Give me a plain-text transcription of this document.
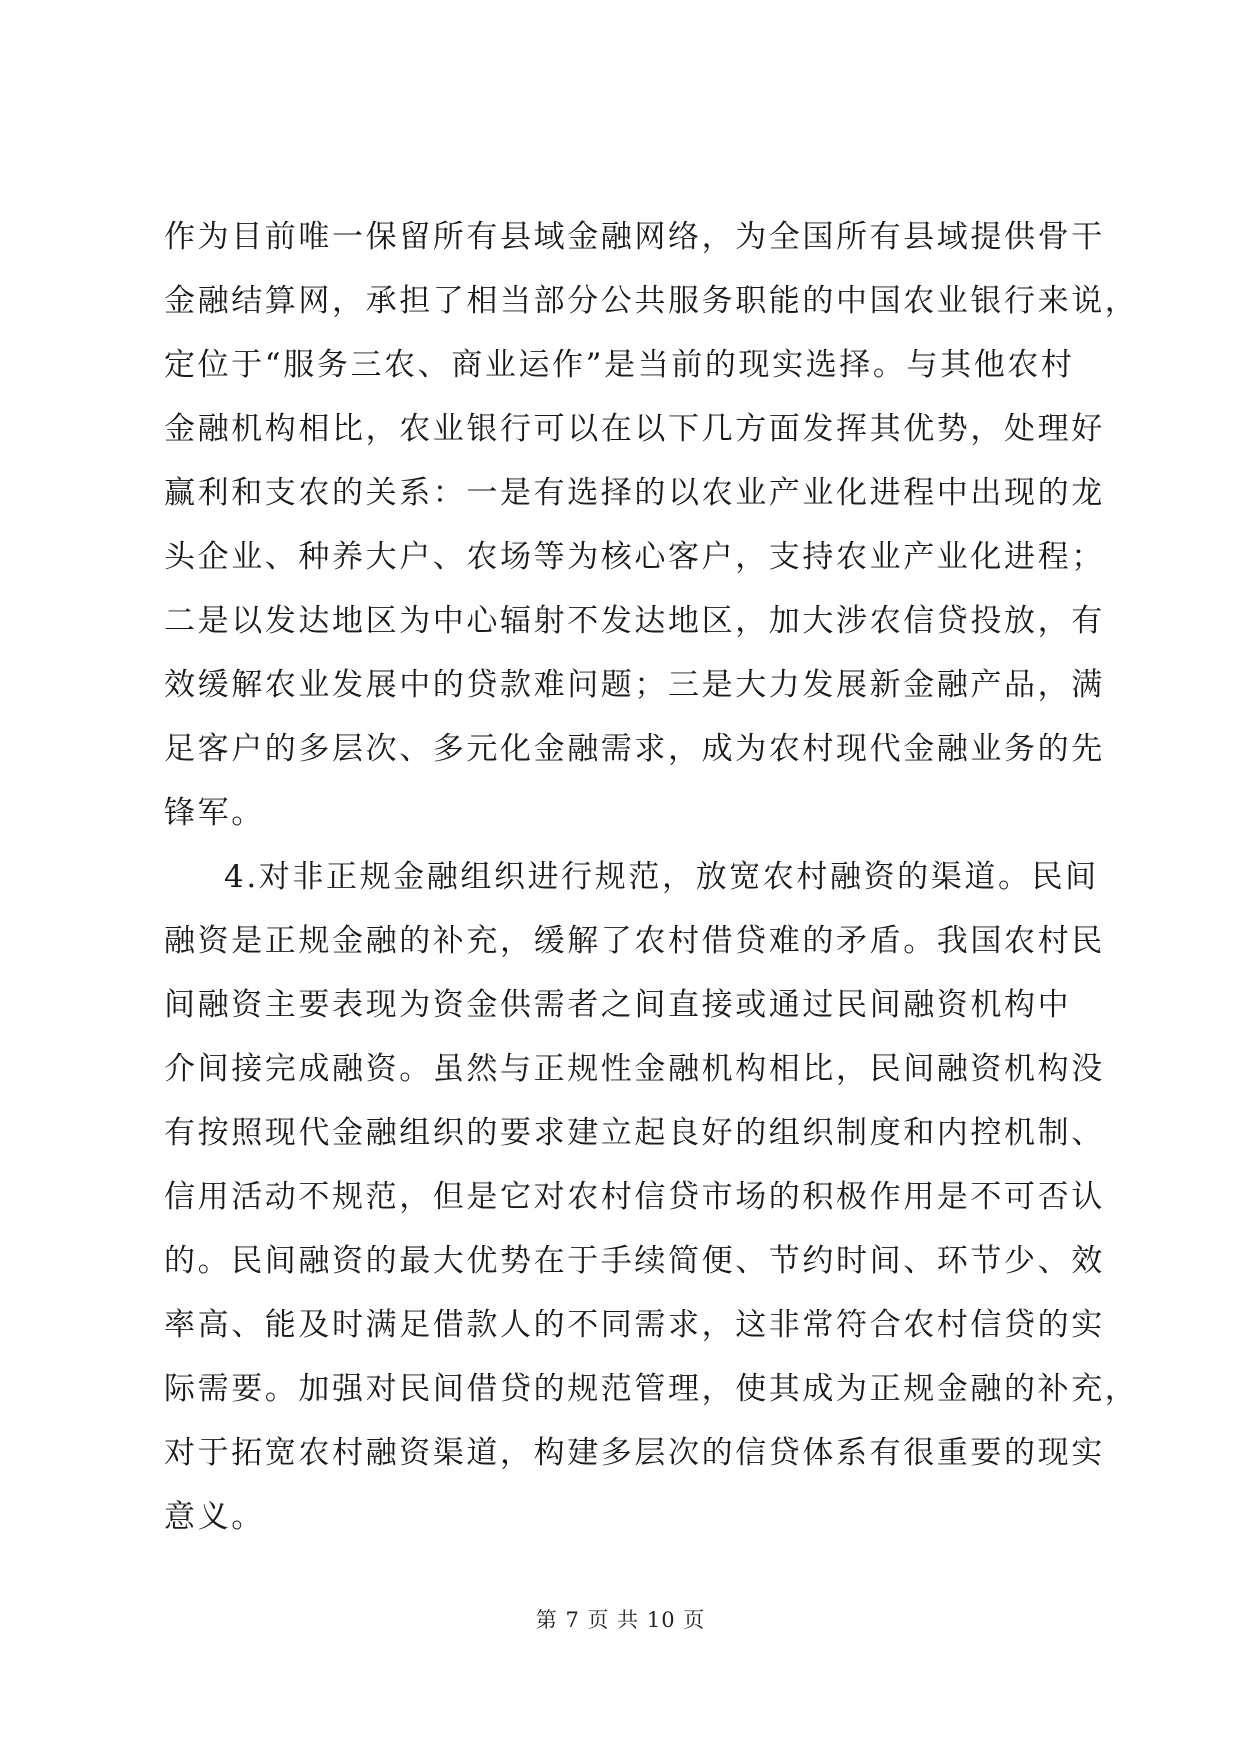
作为目前唯一保留所有县域金融网络，为全国所有县域提供骨干
金融结算网，承担了相当部分公共服务职能的中国农业银行来说，
定位于“服务三农、商业运作”是当前的现实选择。与其他农村
金融机构相比，农业银行可以在以下几方面发挥其优势，处理好
赢利和支农的关系：一是有选择的以农业产业化进程中出现的龙
头企业、种养大户、农场等为核心客户，支持农业产业化进程；
二是以发达地区为中心辐射不发达地区，加大涉农信贷投放，有
效缓解农业发展中的贷款难问题；三是大力发展新金融产品，满
足客户的多层次、多元化金融需求，成为农村现代金融业务的先
锋军。
4.对非正规金融组织进行规范，放宽农村融资的渠道。民间
融资是正规金融的补充，缓解了农村借贷难的矛盾。我国农村民
间融资主要表现为资金供需者之间直接或通过民间融资机构中
介间接完成融资。虽然与正规性金融机构相比，民间融资机构没
有按照现代金融组织的要求建立起良好的组织制度和内控机制、
信用活动不规范，但是它对农村信贷市场的积极作用是不可否认
的。民间融资的最大优势在于手续简便、节约时间、环节少、效
率高、能及时满足借款人的不同需求，这非常符合农村信贷的实
际需要。加强对民间借贷的规范管理，使其成为正规金融的补充，
对于拓宽农村融资渠道，构建多层次的信贷体系有很重要的现实
意义。
第 7 页 共 10 页
